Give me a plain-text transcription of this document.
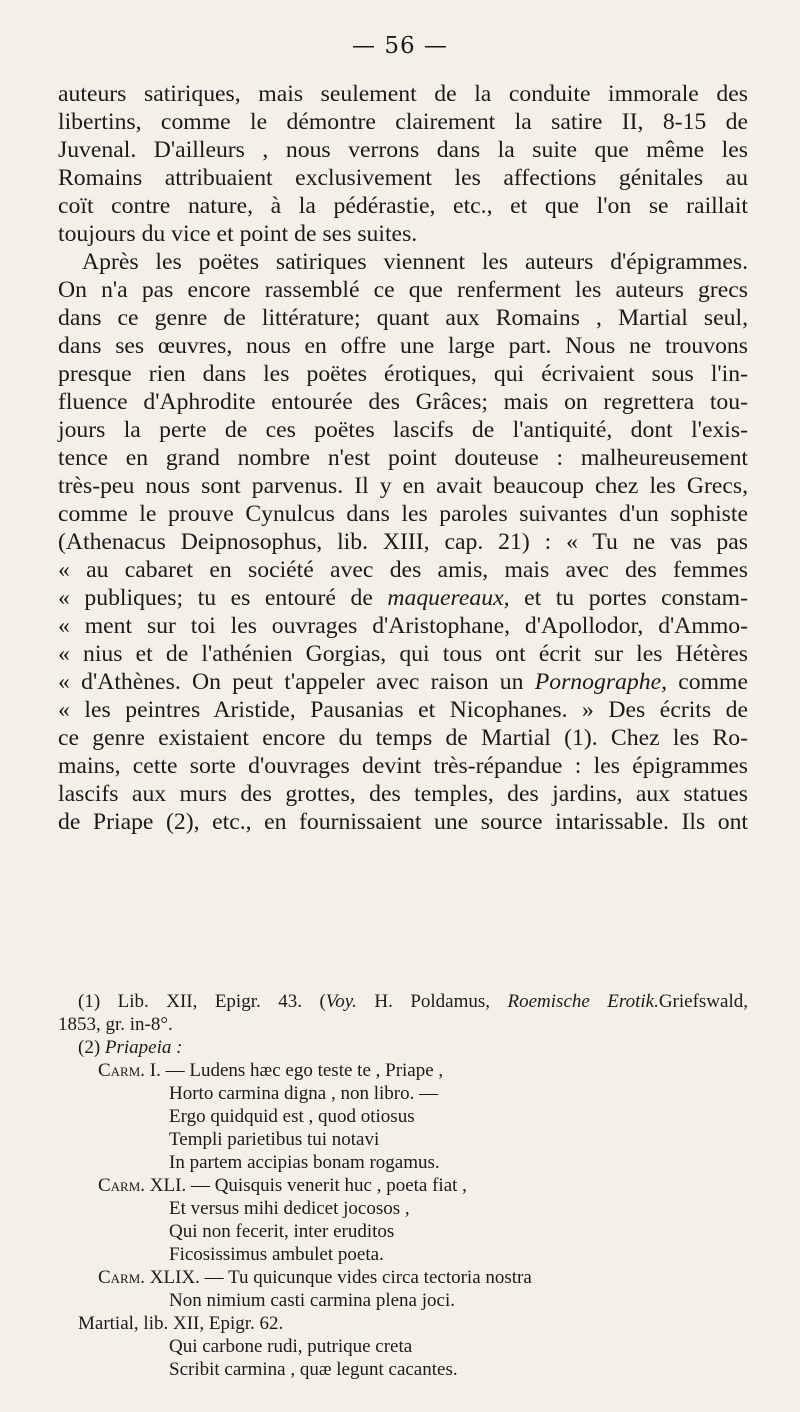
— 56 —
auteurs satiriques, mais seulement de la conduite immorale des
libertins, comme le démontre clairement la satire II, 8-15 de
Juvenal. D'ailleurs , nous verrons dans la suite que même les
Romains attribuaient exclusivement les affections génitales au
coït contre nature, à la pédérastie, etc., et que l'on se raillait
toujours du vice et point de ses suites.
Après les poëtes satiriques viennent les auteurs d'épigrammes.
On n'a pas encore rassemblé ce que renferment les auteurs grecs
dans ce genre de littérature; quant aux Romains , Martial seul,
dans ses œuvres, nous en offre une large part. Nous ne trouvons
presque rien dans les poëtes érotiques, qui écrivaient sous l'in-
fluence d'Aphrodite entourée des Grâces; mais on regrettera tou-
jours la perte de ces poëtes lascifs de l'antiquité, dont l'exis-
tence en grand nombre n'est point douteuse : malheureusement
très-peu nous sont parvenus. Il y en avait beaucoup chez les Grecs,
comme le prouve Cynulcus dans les paroles suivantes d'un sophiste
(Athenacus Deipnosophus, lib. XIII, cap. 21) : « Tu ne vas pas
« au cabaret en société avec des amis, mais avec des femmes
« publiques; tu es entouré de maquereaux, et tu portes constam-
« ment sur toi les ouvrages d'Aristophane, d'Apollodor, d'Ammo-
« nius et de l'athénien Gorgias, qui tous ont écrit sur les Hétères
« d'Athènes. On peut t'appeler avec raison un Pornographe, comme
« les peintres Aristide, Pausanias et Nicophanes. » Des écrits de
ce genre existaient encore du temps de Martial (1). Chez les Ro-
mains, cette sorte d'ouvrages devint très-répandue : les épigrammes
lascifs aux murs des grottes, des temples, des jardins, aux statues
de Priape (2), etc., en fournissaient une source intarissable. Ils ont
(1) Lib. XII, Epigr. 43. (Voy. H. Poldamus, Roemische Erotik.Griefswald,
1853, gr. in-8°.
(2) Priapeia :
Carm. I. — Ludens hæc ego teste te , Priape ,
Horto carmina digna , non libro. —
Ergo quidquid est , quod otiosus
Templi parietibus tui notavi
In partem accipias bonam rogamus.
Carm. XLI. — Quisquis venerit huc , poeta fiat ,
Et versus mihi dedicet jocosos ,
Qui non fecerit, inter eruditos
Ficosissimus ambulet poeta.
Carm. XLIX. — Tu quicunque vides circa tectoria nostra
Non nimium casti carmina plena joci.
Martial, lib. XII, Epigr. 62.
Qui carbone rudi, putrique creta
Scribit carmina , quæ legunt cacantes.
